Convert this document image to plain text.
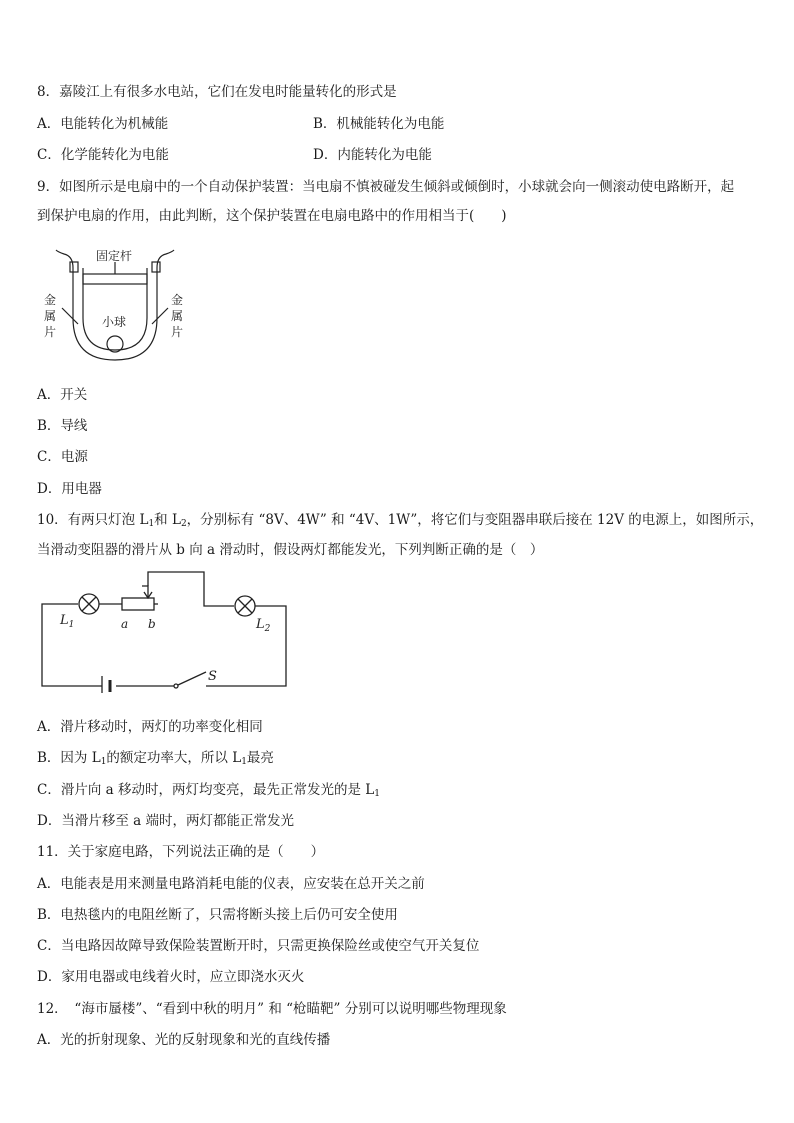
8．嘉陵江上有很多水电站，它们在发电时能量转化的形式是
A．电能转化为机械能	B．机械能转化为电能
C．化学能转化为电能	D．内能转化为电能
9．如图所示是电扇中的一个自动保护装置：当电扇不慎被碰发生倾斜或倾倒时，小球就会向一侧滚动使电路断开，起
到保护电扇的作用，由此判断，这个保护装置在电扇电路中的作用相当于(　　)
固定杆
小球
金
属
片
金
属
片
A．开关
B．导线
C．电源
D．用电器
10．有两只灯泡 $L_1$和 $L_2$，分别标有 “8V、4W” 和 “4V、1W”，将它们与变阻器串联后接在 12V 的电源上，如图所示，
当滑动变阻器的滑片从 b 向 a 滑动时，假设两灯都能发光，下列判断正确的是（　）
$L_1$	a b	$L_2$
S
A．滑片移动时，两灯的功率变化相同
B．因为 $L_1$的额定功率大，所以 $L_1$最亮
C．滑片向 a 移动时，两灯均变亮，最先正常发光的是 $L_1$
D．当滑片移至 a 端时，两灯都能正常发光
11．关于家庭电路，下列说法正确的是（　　）
A．电能表是用来测量电路消耗电能的仪表，应安装在总开关之前
B．电热毯内的电阻丝断了，只需将断头接上后仍可安全使用
C．当电路因故障导致保险装置断开时，只需更换保险丝或使空气开关复位
D．家用电器或电线着火时，应立即浇水灭火
12．　“海市蜃楼”、“看到中秋的明月” 和 “枪瞄靶” 分别可以说明哪些物理现象
A．光的折射现象、光的反射现象和光的直线传播
